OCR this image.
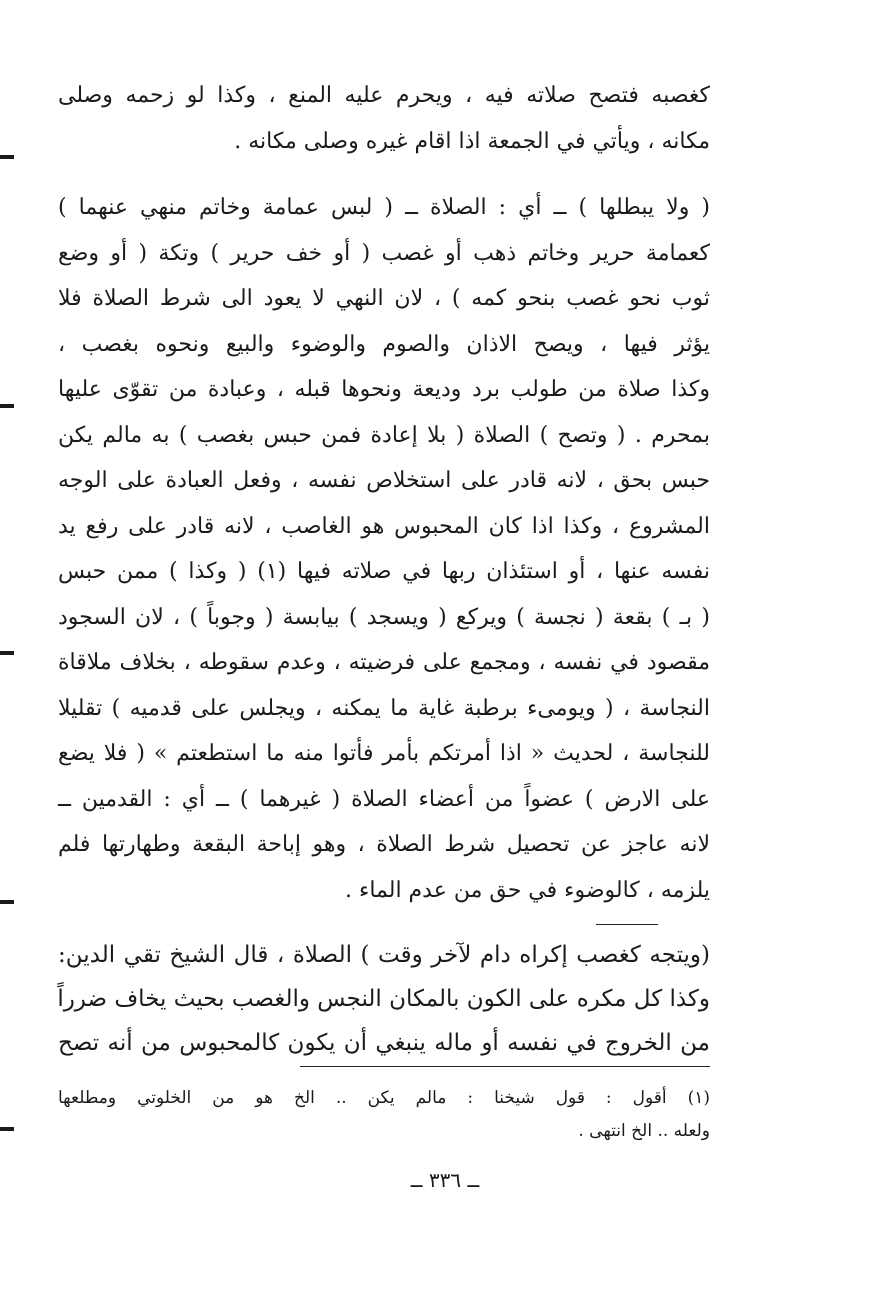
كغصبه فتصح صلاته فيه ، ويحرم عليه المنع ، وكذا لو زحمه وصلى
مكانه ، ويأتي في الجمعة اذا اقام غيره وصلى مكانه .
( ولا يبطلها ) ــ أي : الصلاة ــ ( لبس عمامة وخاتم منهي عنهما )
كعمامة حرير وخاتم ذهب أو غصب ( أو خف حرير ) وتكة ( أو وضع
ثوب نحو غصب بنحو كمه ) ، لان النهي لا يعود الى شرط الصلاة فلا
يؤثر فيها ، ويصح الاذان والصوم والوضوء والبيع ونحوه بغصب ،
وكذا صلاة من طولب برد وديعة ونحوها قبله ، وعبادة من تقوّى عليها
بمحرم . ( وتصح ) الصلاة ( بلا إعادة فمن حبس بغصب ) به مالم يكن
حبس بحق ، لانه قادر على استخلاص نفسه ، وفعل العبادة على الوجه
المشروع ، وكذا اذا كان المحبوس هو الغاصب ، لانه قادر على رفع يد
نفسه عنها ، أو استئذان ربها في صلاته فيها (١) ( وكذا ) ممن حبس
( بـ ) بقعة ( نجسة ) ويركع ( ويسجد ) بيابسة ( وجوباً ) ، لان السجود
مقصود في نفسه ، ومجمع على فرضيته ، وعدم سقوطه ، بخلاف ملاقاة
النجاسة ، ( ويومىء برطبة غاية ما يمكنه ، ويجلس على قدميه ) تقليلا
للنجاسة ، لحديث « اذا أمرتكم بأمر فأتوا منه ما استطعتم » ( فلا يضع
على الارض ) عضواً من أعضاء الصلاة ( غيرهما ) ــ أي : القدمين ــ
لانه عاجز عن تحصيل شرط الصلاة ، وهو إباحة البقعة وطهارتها فلم
يلزمه ، كالوضوء في حق من عدم الماء .
(ويتجه كغصب إكراه دام لآخر وقت ) الصلاة ، قال الشيخ تقي الدين:
وكذا كل مكره على الكون بالمكان النجس والغصب بحيث يخاف ضرراً
من الخروج في نفسه أو ماله ينبغي أن يكون كالمحبوس من أنه تصح
(١) أقول : قول شيخنا : مالم يكن .. الخ هو من الخلوتي ومطلعها
ولعله .. الخ انتهى .
ــ ٣٣٦ ــ
